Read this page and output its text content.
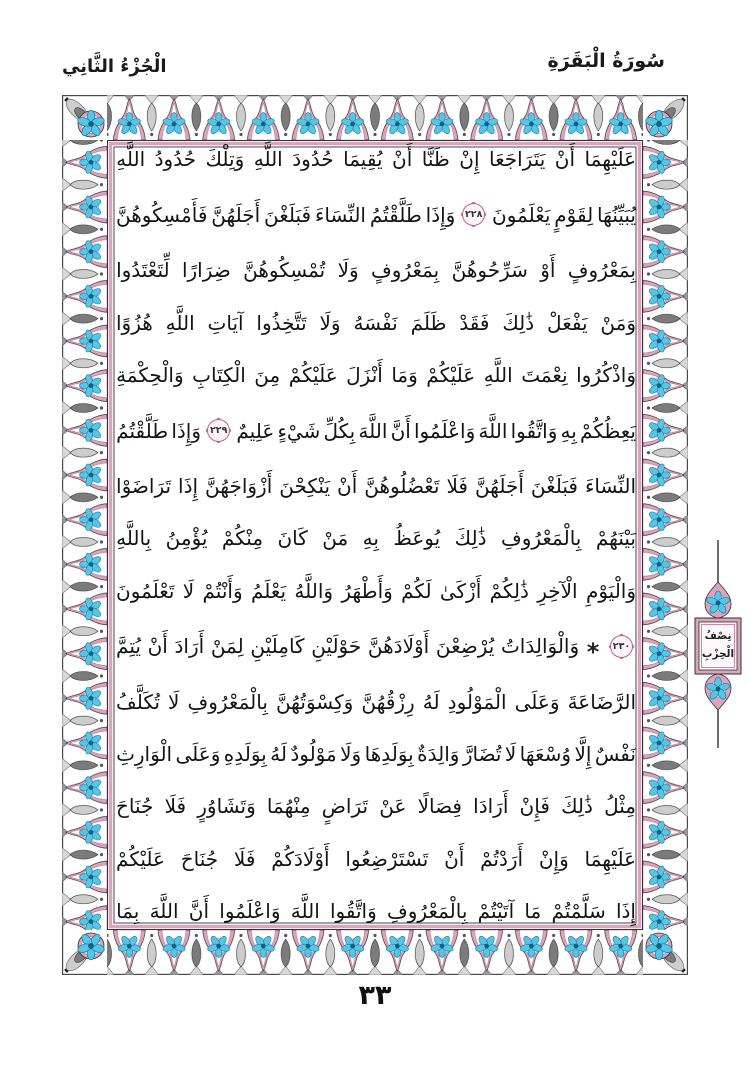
سُورَةُ الْبَقَرَةِ
الْجُزْءُ الثَّانِي
عَلَيْهِمَا
أَنْ
يَتَرَاجَعَا
إِنْ
ظَنَّا
أَنْ
يُقِيمَا
حُدُودَ
اللَّهِ
وَتِلْكَ
حُدُودُ
اللَّهِ
يُبَيِّنُهَا
لِقَوْمٍ
يَعْلَمُونَ
٢٢٨
وَإِذَا
طَلَّقْتُمُ
النِّسَاءَ
فَبَلَغْنَ
أَجَلَهُنَّ
فَأَمْسِكُوهُنَّ
بِمَعْرُوفٍ
أَوْ
سَرِّحُوهُنَّ
بِمَعْرُوفٍ
وَلَا
تُمْسِكُوهُنَّ
ضِرَارًا
لِّتَعْتَدُوا
وَمَنْ
يَفْعَلْ
ذَٰلِكَ
فَقَدْ
ظَلَمَ
نَفْسَهُ
وَلَا
تَتَّخِذُوا
آيَاتِ
اللَّهِ
هُزُوًا
وَاذْكُرُوا
نِعْمَتَ
اللَّهِ
عَلَيْكُمْ
وَمَا
أَنْزَلَ
عَلَيْكُمْ
مِنَ
الْكِتَابِ
وَالْحِكْمَةِ
يَعِظُكُمْ
بِهِ
وَاتَّقُوا
اللَّهَ
وَاعْلَمُوا
أَنَّ
اللَّهَ
بِكُلِّ
شَيْءٍ
عَلِيمٌ
٢٢٩
وَإِذَا
طَلَّقْتُمُ
النِّسَاءَ
فَبَلَغْنَ
أَجَلَهُنَّ
فَلَا
تَعْضُلُوهُنَّ
أَنْ
يَنْكِحْنَ
أَزْوَاجَهُنَّ
إِذَا
تَرَاضَوْا
بَيْنَهُمْ
بِالْمَعْرُوفِ
ذَٰلِكَ
يُوعَظُ
بِهِ
مَنْ
كَانَ
مِنْكُمْ
يُؤْمِنُ
بِاللَّهِ
وَالْيَوْمِ
الْآخِرِ
ذَٰلِكُمْ
أَزْكَىٰ
لَكُمْ
وَأَطْهَرُ
وَاللَّهُ
يَعْلَمُ
وَأَنْتُمْ
لَا
تَعْلَمُونَ
٢٣٠
*
وَالْوَالِدَاتُ
يُرْضِعْنَ
أَوْلَادَهُنَّ
حَوْلَيْنِ
كَامِلَيْنِ
لِمَنْ
أَرَادَ
أَنْ
يُتِمَّ
الرَّضَاعَةَ
وَعَلَى
الْمَوْلُودِ
لَهُ
رِزْقُهُنَّ
وَكِسْوَتُهُنَّ
بِالْمَعْرُوفِ
لَا
تُكَلَّفُ
نَفْسٌ
إِلَّا
وُسْعَهَا
لَا
تُضَارَّ
وَالِدَةٌ
بِوَلَدِهَا
وَلَا
مَوْلُودٌ
لَهُ
بِوَلَدِهِ
وَعَلَى
الْوَارِثِ
مِثْلُ
ذَٰلِكَ
فَإِنْ
أَرَادَا
فِصَالًا
عَنْ
تَرَاضٍ
مِنْهُمَا
وَتَشَاوُرٍ
فَلَا
جُنَاحَ
عَلَيْهِمَا
وَإِنْ
أَرَدْتُمْ
أَنْ
تَسْتَرْضِعُوا
أَوْلَادَكُمْ
فَلَا
جُنَاحَ
عَلَيْكُمْ
إِذَا
سَلَّمْتُمْ
مَا
آتَيْتُمْ
بِالْمَعْرُوفِ
وَاتَّقُوا
اللَّهَ
وَاعْلَمُوا
أَنَّ
اللَّهَ
بِمَا
نِصْفُ
الْحِزْبِ
٣٣
